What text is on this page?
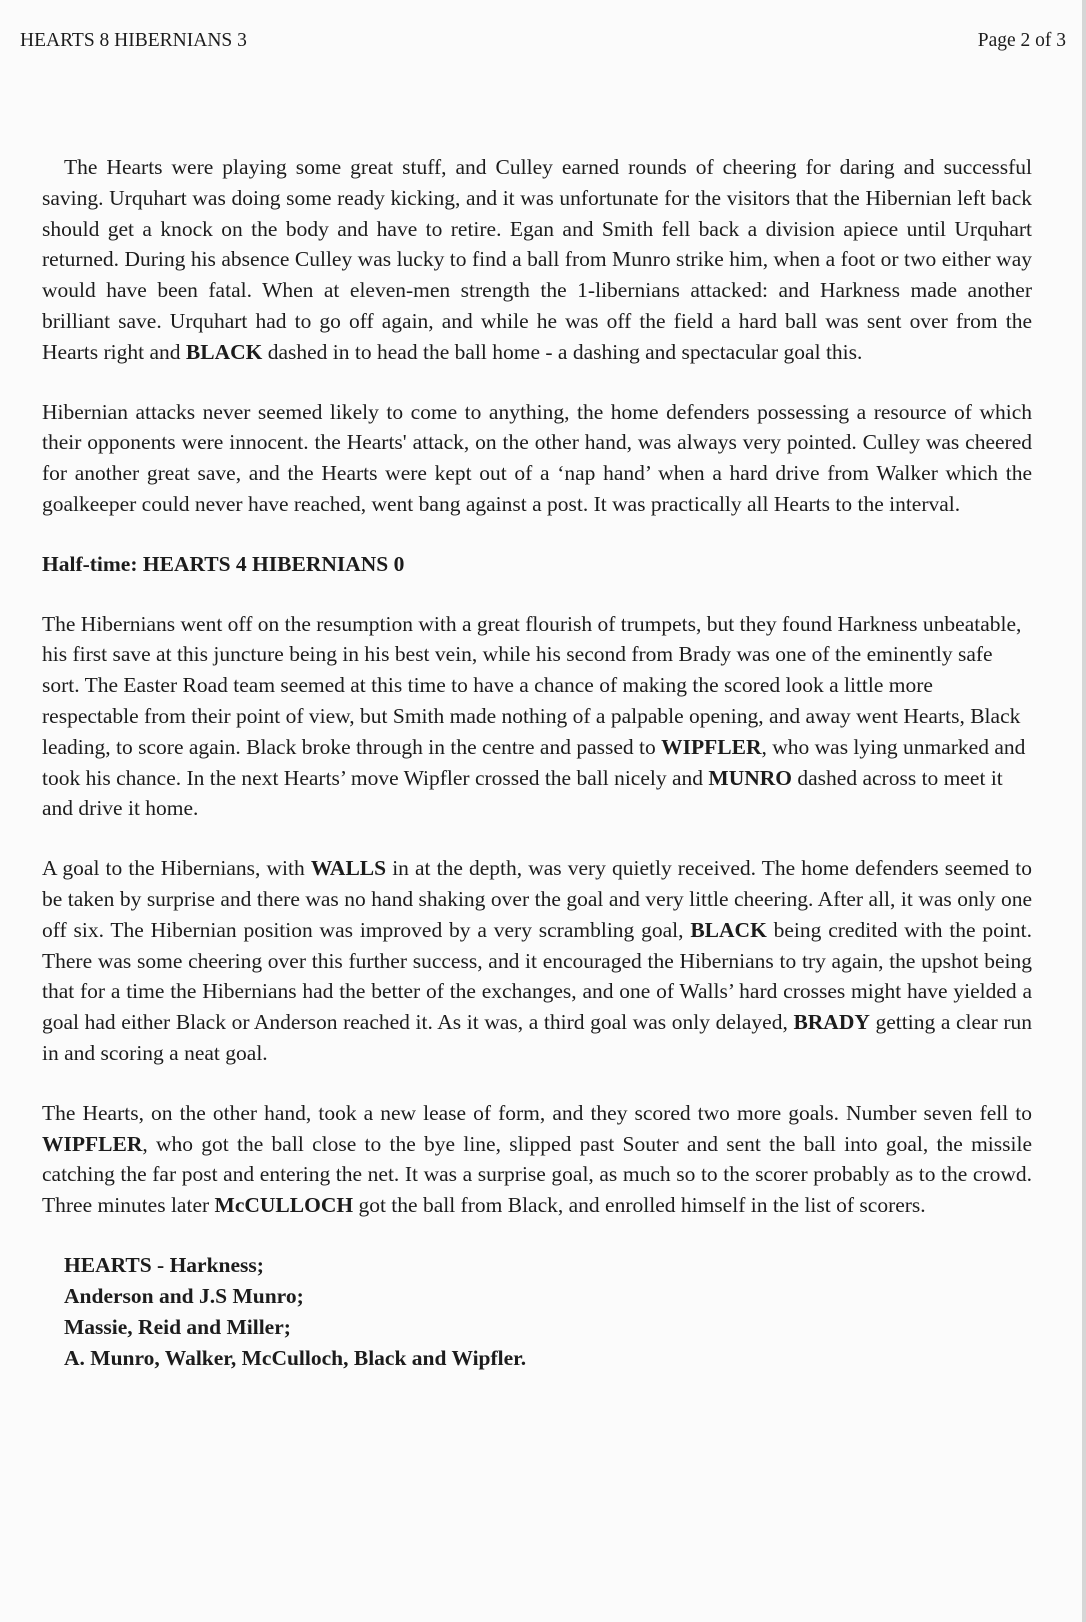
HEARTS 8 HIBERNIANS 3	Page 2 of 3

The Hearts were playing some great stuff, and Culley earned rounds of cheering for daring and successful saving. Urquhart was doing some ready kicking, and it was unfortunate for the visitors that the Hibernian left back should get a knock on the body and have to retire. Egan and Smith fell back a division apiece until Urquhart returned. During his absence Culley was lucky to find a ball from Munro strike him, when a foot or two either way would have been fatal. When at eleven-men strength the 1-libernians attacked: and Harkness made another brilliant save. Urquhart had to go off again, and while he was off the field a hard ball was sent over from the Hearts right and BLACK dashed in to head the ball home - a dashing and spectacular goal this.

Hibernian attacks never seemed likely to come to anything, the home defenders possessing a resource of which their opponents were innocent. the Hearts' attack, on the other hand, was always very pointed. Culley was cheered for another great save, and the Hearts were kept out of a ‘nap hand’ when a hard drive from Walker which the goalkeeper could never have reached, went bang against a post. It was practically all Hearts to the interval.

Half-time: HEARTS 4 HIBERNIANS 0

The Hibernians went off on the resumption with a great flourish of trumpets, but they found Harkness unbeatable, his first save at this juncture being in his best vein, while his second from Brady was one of the eminently safe sort. The Easter Road team seemed at this time to have a chance of making the scored look a little more respectable from their point of view, but Smith made nothing of a palpable opening, and away went Hearts, Black leading, to score again. Black broke through in the centre and passed to WIPFLER, who was lying unmarked and took his chance. In the next Hearts’ move Wipfler crossed the ball nicely and MUNRO dashed across to meet it and drive it home.

A goal to the Hibernians, with WALLS in at the depth, was very quietly received. The home defenders seemed to be taken by surprise and there was no hand shaking over the goal and very little cheering. After all, it was only one off six. The Hibernian position was improved by a very scrambling goal, BLACK being credited with the point. There was some cheering over this further success, and it encouraged the Hibernians to try again, the upshot being that for a time the Hibernians had the better of the exchanges, and one of Walls’ hard crosses might have yielded a goal had either Black or Anderson reached it. As it was, a third goal was only delayed, BRADY getting a clear run in and scoring a neat goal.

The Hearts, on the other hand, took a new lease of form, and they scored two more goals. Number seven fell to WIPFLER, who got the ball close to the bye line, slipped past Souter and sent the ball into goal, the missile catching the far post and entering the net. It was a surprise goal, as much so to the scorer probably as to the crowd. Three minutes later McCULLOCH got the ball from Black, and enrolled himself in the list of scorers.

HEARTS - Harkness;
Anderson and J.S Munro;
Massie, Reid and Miller;
A. Munro, Walker, McCulloch, Black and Wipfler.
